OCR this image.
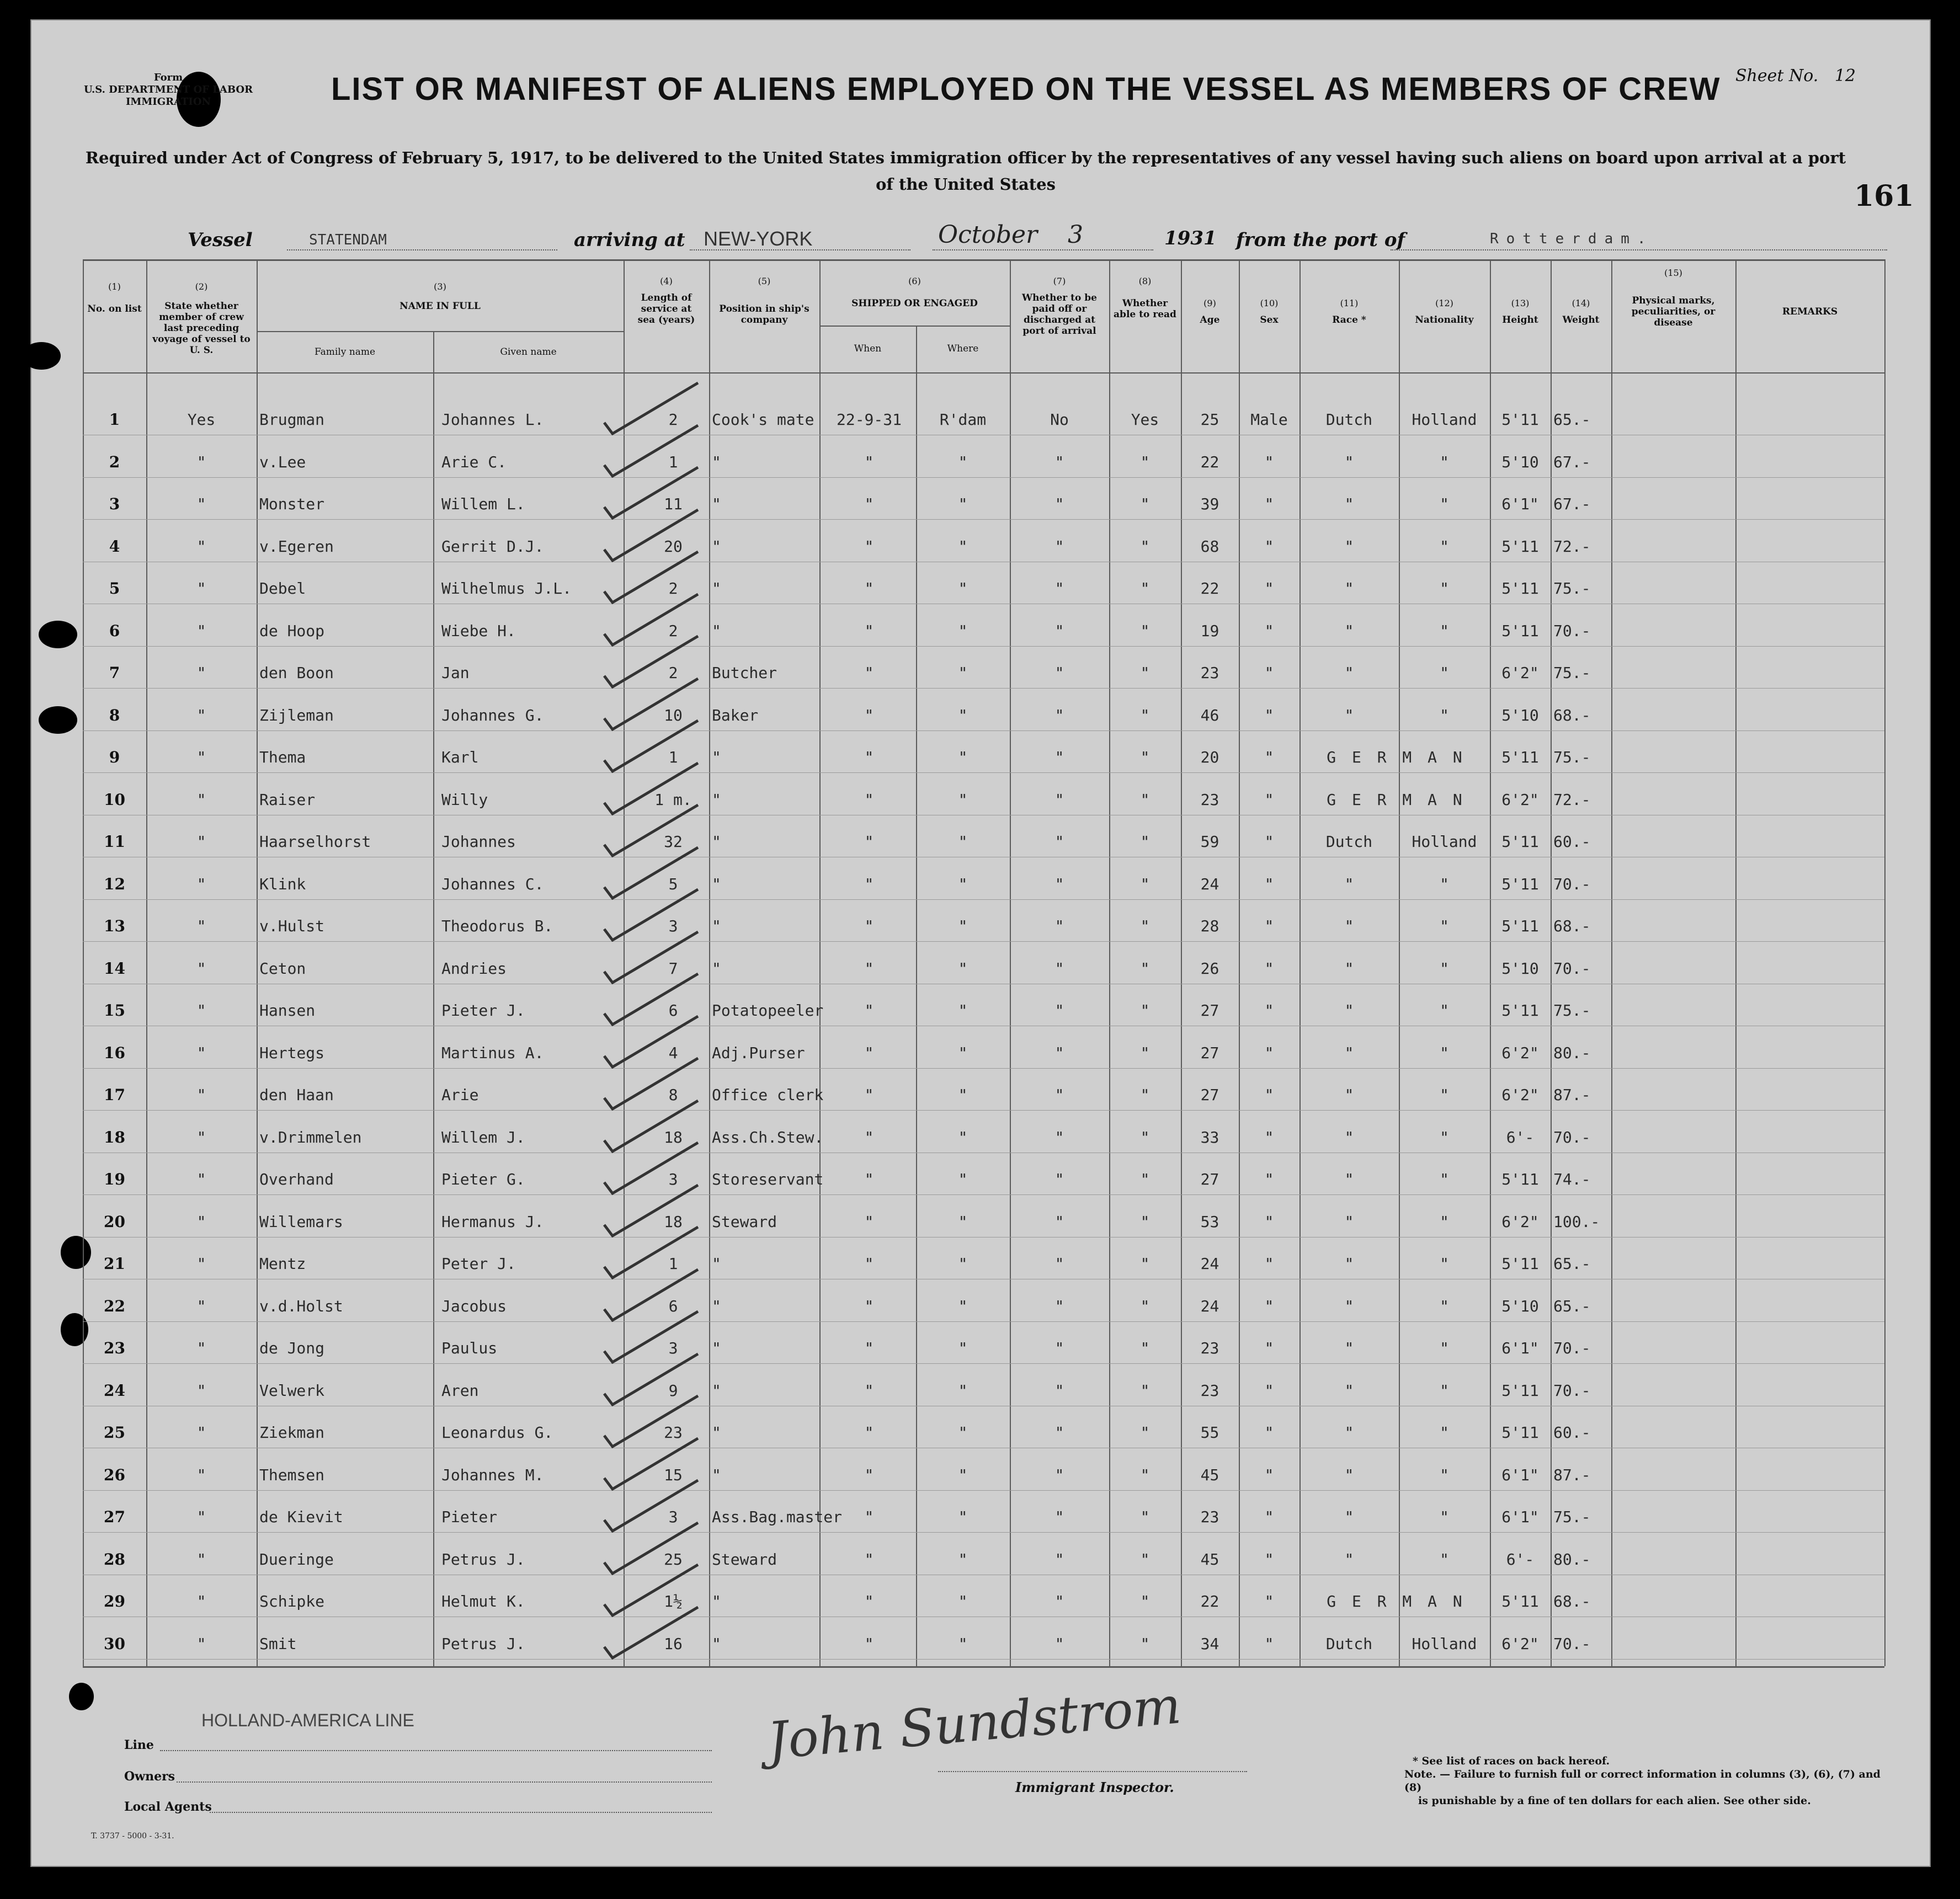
Form
U.S. DEPARTMENT OF LABOR
IMMIGRATION
Sheet No. 12
161
LIST OR MANIFEST OF ALIENS EMPLOYED ON THE VESSEL AS MEMBERS OF CREW
Required under Act of Congress of February 5, 1917, to be delivered to the United States immigration officer by the representatives of any vessel having such aliens on board upon arrival at a port
of the United States
Vessel	STATENDAM	arriving at NEW-YORK	October 3	1931 from the port of	Rotterdam.
(1)
No. on list
(2)
State whether member of crew last preceding voyage of vessel to U. S.
(3)
NAME IN FULL
Family name	Given name
(4)
Length of service at sea (years)
(5)
Position in ship's company
(6)
SHIPPED OR ENGAGED
When	Where
(7)
Whether to be paid off or discharged at port of arrival
(8)
Whether able to read
(9)
Age
(10)
Sex
(11)
Race *
(12)
Nationality
(13)
Height
(14)
Weight
(15)
Physical marks, peculiarities, or disease
REMARKS
1	Yes	Brugman	Johannes L.	2	Cook's mate	22-9-31	R'dam	No	Yes	25	Male	Dutch	Holland	5'11 65.-
2	"	v.Lee	Arie C.	1	"	"	"	"	"	22	"	"	"	5'10 67.-
3	"	Monster	Willem L.	11	"	"	"	"	"	39	"	"	"	6'1" 67.-
4	"	v.Egeren	Gerrit D.J.	20	"	"	"	"	"	68	"	"	"	5'11 72.-
5	"	Debel	Wilhelmus J.L.	2	"	"	"	"	"	22	"	"	"	5'11 75.-
6	"	de Hoop	Wiebe H.	2	"	"	"	"	"	19	"	"	"	5'11 70.-
7	"	den Boon	Jan	2	Butcher	"	"	"	"	23	"	"	"	6'2" 75.-
8	"	Zijleman	Johannes G.	10	Baker	"	"	"	"	46	"	"	"	5'10 68.-
9	"	Thema	Karl	1	"	"	"	"	"	20	"	G E R M A N	5'11 75.-
10	"	Raiser	Willy	1 m.	"	"	"	"	"	23	"	G E R M A N	6'2" 72.-
11	"	Haarselhorst	Johannes	32	"	"	"	"	"	59	"	Dutch	Holland	5'11 60.-
12	"	Klink	Johannes C.	5	"	"	"	"	"	24	"	"	"	5'11 70.-
13	"	v.Hulst	Theodorus B.	3	"	"	"	"	"	28	"	"	"	5'11 68.-
14	"	Ceton	Andries	7	"	"	"	"	"	26	"	"	"	5'10 70.-
15	"	Hansen	Pieter J.	6	Potatopeeler	"	"	"	"	27	"	"	"	5'11 75.-
16	"	Hertegs	Martinus A.	4	Adj.Purser	"	"	"	"	27	"	"	"	6'2" 80.-
17	"	den Haan	Arie	8	Office clerk	"	"	"	"	27	"	"	"	6'2" 87.-
18	"	v.Drimmelen	Willem J.	18	Ass.Ch.Stew.	"	"	"	"	33	"	"	"	6'-	70.-
19	"	Overhand	Pieter G.	3	Storeservant	"	"	"	"	27	"	"	"	5'11 74.-
20	"	Willemars	Hermanus J.	18	Steward	"	"	"	"	53	"	"	"	6'2" 100.-
21	"	Mentz	Peter J.	1	"	"	"	"	"	24	"	"	"	5'11 65.-
22	"	v.d.Holst	Jacobus	6	"	"	"	"	"	24	"	"	"	5'10 65.-
23	"	de Jong	Paulus	3	"	"	"	"	"	23	"	"	"	6'1" 70.-
24	"	Velwerk	Aren	9	"	"	"	"	"	23	"	"	"	5'11 70.-
25	"	Ziekman	Leonardus G.	23	"	"	"	"	"	55	"	"	"	5'11 60.-
26	"	Themsen	Johannes M.	15	"	"	"	"	"	45	"	"	"	6'1" 87.-
27	"	de Kievit	Pieter	3	Ass.Bag.master	"	"	"	"	23	"	"	"	6'1" 75.-
28	"	Dueringe	Petrus J.	25	Steward	"	"	"	"	45	"	"	"	6'-	80.-
29	"	Schipke	Helmut K.	1½	"	"	"	"	"	22	"	G E R M A N	5'11 68.-
30	"	Smit	Petrus J.	16	"	"	"	"	"	34	"	Dutch	Holland	6'2" 70.-
Line
HOLLAND-AMERICA LINE
Owners
Local Agents
John Sundstrom
Immigrant Inspector.
* See list of races on back hereof.
Note. — Failure to furnish full or correct information in columns (3), (6), (7) and (8)
is punishable by a fine of ten dollars for each alien. See other side.
T. 3737 - 5000 - 3-31.
